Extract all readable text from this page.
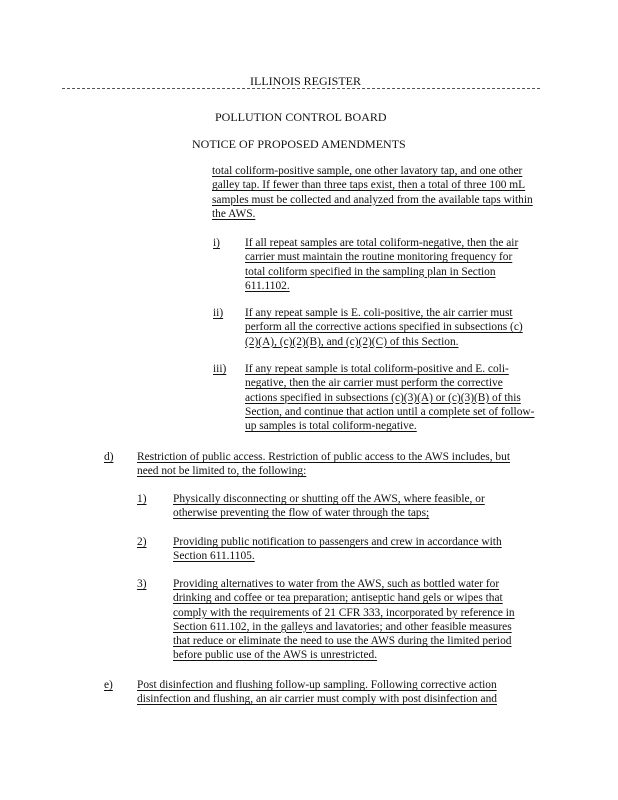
ILLINOIS REGISTER
POLLUTION CONTROL BOARD
NOTICE OF PROPOSED AMENDMENTS
total coliform-positive sample, one other lavatory tap, and one other galley tap. If fewer than three taps exist, then a total of three 100 mL samples must be collected and analyzed from the available taps within the AWS.
i) If all repeat samples are total coliform-negative, then the air carrier must maintain the routine monitoring frequency for total coliform specified in the sampling plan in Section 611.1102.
ii) If any repeat sample is E. coli-positive, the air carrier must perform all the corrective actions specified in subsections (c)(2)(A), (c)(2)(B), and (c)(2)(C) of this Section.
iii) If any repeat sample is total coliform-positive and E. coli-negative, then the air carrier must perform the corrective actions specified in subsections (c)(3)(A) or (c)(3)(B) of this Section, and continue that action until a complete set of follow-up samples is total coliform-negative.
d) Restriction of public access. Restriction of public access to the AWS includes, but need not be limited to, the following:
1) Physically disconnecting or shutting off the AWS, where feasible, or otherwise preventing the flow of water through the taps;
2) Providing public notification to passengers and crew in accordance with Section 611.1105.
3) Providing alternatives to water from the AWS, such as bottled water for drinking and coffee or tea preparation; antiseptic hand gels or wipes that comply with the requirements of 21 CFR 333, incorporated by reference in Section 611.102, in the galleys and lavatories; and other feasible measures that reduce or eliminate the need to use the AWS during the limited period before public use of the AWS is unrestricted.
e) Post disinfection and flushing follow-up sampling. Following corrective action disinfection and flushing, an air carrier must comply with post disinfection and
